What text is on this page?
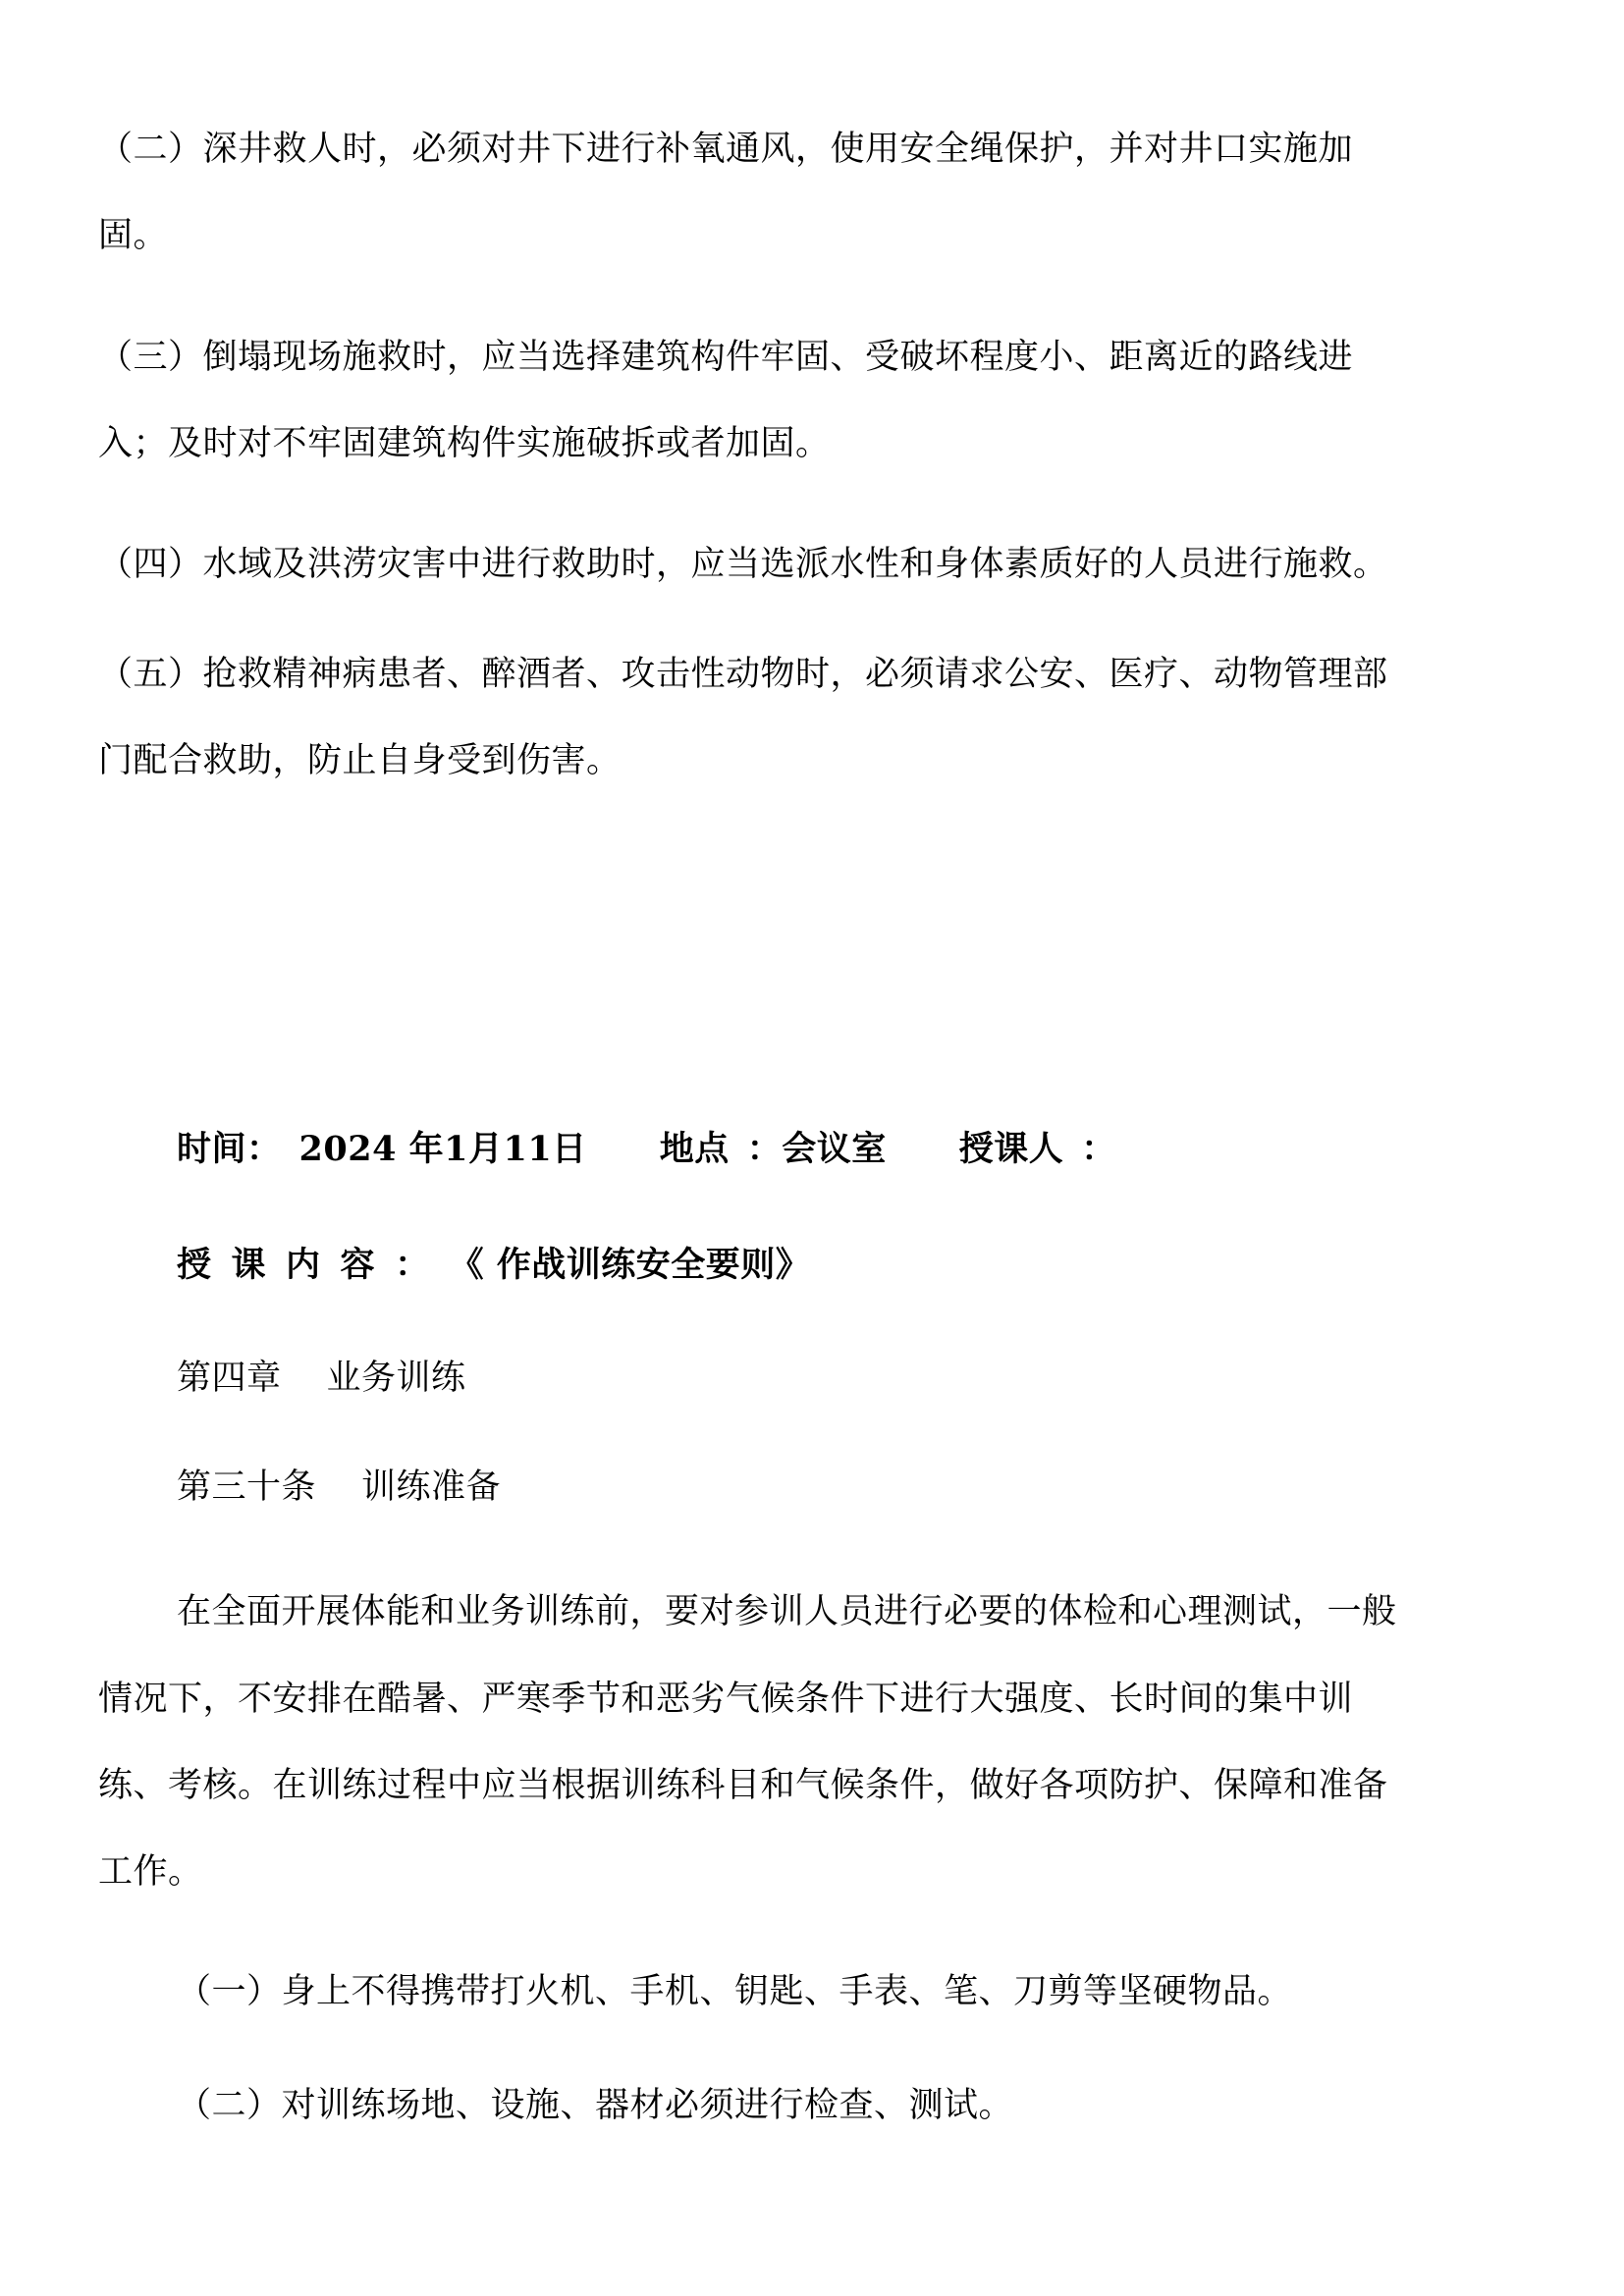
（二）深井救人时，必须对井下进行补氧通风，使用安全绳保护，并对井口实施加
固。
（三）倒塌现场施救时，应当选择建筑构件牢固、受破坏程度小、距离近的路线进
入；及时对不牢固建筑构件实施破拆或者加固。
（四）水域及洪涝灾害中进行救助时，应当选派水性和身体素质好的人员进行施救。
（五）抢救精神病患者、醉酒者、攻击性动物时，必须请求公安、医疗、动物管理部
门配合救助，防止自身受到伤害。
时间： 2024 年1月11日 地点 ：会议室 授课人 ：
授 课 内 容 ： 《 作战训练安全要则》
第四章 业务训练
第三十条 训练准备
在全面开展体能和业务训练前，要对参训人员进行必要的体检和心理测试，一般
情况下，不安排在酷暑、严寒季节和恶劣气候条件下进行大强度、长时间的集中训
练、考核。在训练过程中应当根据训练科目和气候条件，做好各项防护、保障和准备
工作。
（一）身上不得携带打火机、手机、钥匙、手表、笔、刀剪等坚硬物品。
（二）对训练场地、设施、器材必须进行检查、测试。
